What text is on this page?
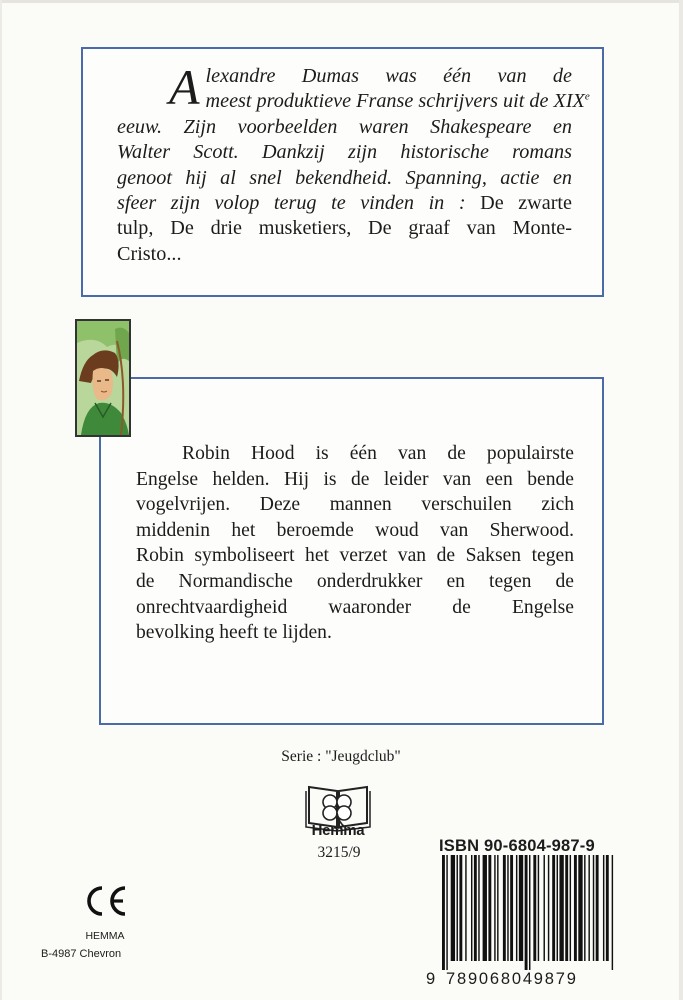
A lexandre Dumas was één van de
meest produktieve Franse schrijvers uit de XIXe
eeuw. Zijn voorbeelden waren Shakespeare en
Walter Scott. Dankzij zijn historische romans
genoot hij al snel bekendheid. Spanning, actie en
sfeer zijn volop terug te vinden in : De zwarte
tulp, De drie musketiers, De graaf van Monte-
Cristo...
Robin Hood is één van de populairste
Engelse helden. Hij is de leider van een bende
vogelvrijen. Deze mannen verschuilen zich
middenin het beroemde woud van Sherwood.
Robin symboliseert het verzet van de Saksen tegen
de Normandische onderdrukker en tegen de
onrechtvaardigheid waaronder de Engelse
bevolking heeft te lijden.
Serie : "Jeugdclub"
Hemma
3215/9
HEMMA
B-4987 Chevron
ISBN 90-6804-987-9
9 789068049879
